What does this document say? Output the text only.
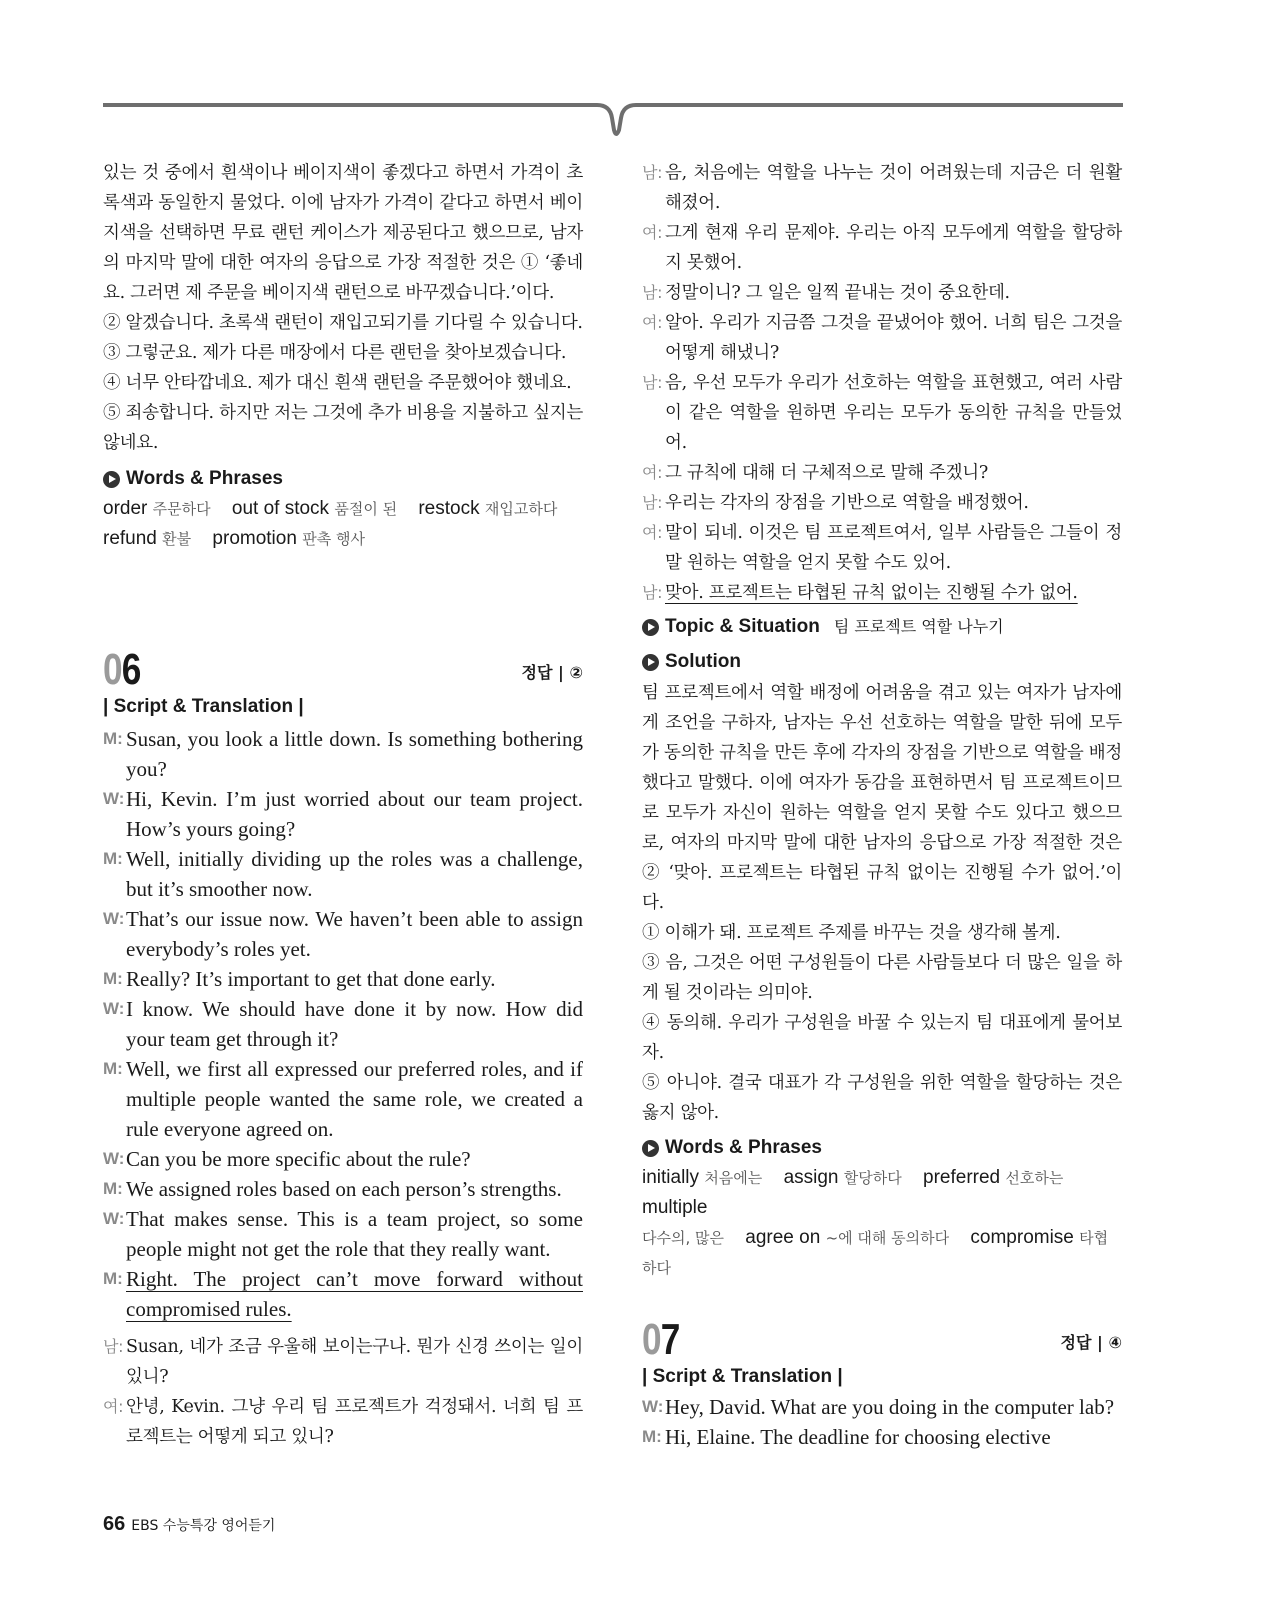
있는 것 중에서 흰색이나 베이지색이 좋겠다고 하면서 가격이 초록색과 동일한지 물었다. 이에 남자가 가격이 같다고 하면서 베이지색을 선택하면 무료 랜턴 케이스가 제공된다고 했으므로, 남자의 마지막 말에 대한 여자의 응답으로 가장 적절한 것은 ① ‘좋네요. 그러면 제 주문을 베이지색 랜턴으로 바꾸겠습니다.’이다.
② 알겠습니다. 초록색 랜턴이 재입고되기를 기다릴 수 있습니다.
③ 그렇군요. 제가 다른 매장에서 다른 랜턴을 찾아보겠습니다.
④ 너무 안타깝네요. 제가 대신 흰색 랜턴을 주문했어야 했네요.
⑤ 죄송합니다. 하지만 저는 그것에 추가 비용을 지불하고 싶지는 않네요.
Words & Phrases
order 주문하다 out of stock 품절이 된 restock 재입고하다
refund 환불 promotion 판촉 행사
06	정답 | ②
| Script & Translation |
M: Susan, you look a little down. Is something bothering you?
W: Hi, Kevin. I’m just worried about our team project. How’s yours going?
M: Well, initially dividing up the roles was a challenge, but it’s smoother now.
W: That’s our issue now. We haven’t been able to assign everybody’s roles yet.
M: Really? It’s important to get that done early.
W: I know. We should have done it by now. How did your team get through it?
M: Well, we first all expressed our preferred roles, and if multiple people wanted the same role, we created a rule everyone agreed on.
W: Can you be more specific about the rule?
M: We assigned roles based on each person’s strengths.
W: That makes sense. This is a team project, so some people might not get the role that they really want.
M: Right. The project can’t move forward without compromised rules.
남: Susan, 네가 조금 우울해 보이는구나. 뭔가 신경 쓰이는 일이 있니?
여: 안녕, Kevin. 그냥 우리 팀 프로젝트가 걱정돼서. 너희 팀 프로젝트는 어떻게 되고 있니?
남: 음, 처음에는 역할을 나누는 것이 어려웠는데 지금은 더 원활해졌어.
여: 그게 현재 우리 문제야. 우리는 아직 모두에게 역할을 할당하지 못했어.
남: 정말이니? 그 일은 일찍 끝내는 것이 중요한데.
여: 알아. 우리가 지금쯤 그것을 끝냈어야 했어. 너희 팀은 그것을 어떻게 해냈니?
남: 음, 우선 모두가 우리가 선호하는 역할을 표현했고, 여러 사람이 같은 역할을 원하면 우리는 모두가 동의한 규칙을 만들었어.
여: 그 규칙에 대해 더 구체적으로 말해 주겠니?
남: 우리는 각자의 장점을 기반으로 역할을 배정했어.
여: 말이 되네. 이것은 팀 프로젝트여서, 일부 사람들은 그들이 정말 원하는 역할을 얻지 못할 수도 있어.
남: 맞아. 프로젝트는 타협된 규칙 없이는 진행될 수가 없어.
Topic & Situation 팀 프로젝트 역할 나누기
Solution
팀 프로젝트에서 역할 배정에 어려움을 겪고 있는 여자가 남자에게 조언을 구하자, 남자는 우선 선호하는 역할을 말한 뒤에 모두가 동의한 규칙을 만든 후에 각자의 장점을 기반으로 역할을 배정했다고 말했다. 이에 여자가 동감을 표현하면서 팀 프로젝트이므로 모두가 자신이 원하는 역할을 얻지 못할 수도 있다고 했으므로, 여자의 마지막 말에 대한 남자의 응답으로 가장 적절한 것은 ② ‘맞아. 프로젝트는 타협된 규칙 없이는 진행될 수가 없어.’이다.
① 이해가 돼. 프로젝트 주제를 바꾸는 것을 생각해 볼게.
③ 음, 그것은 어떤 구성원들이 다른 사람들보다 더 많은 일을 하게 될 것이라는 의미야.
④ 동의해. 우리가 구성원을 바꿀 수 있는지 팀 대표에게 물어보자.
⑤ 아니야. 결국 대표가 각 구성원을 위한 역할을 할당하는 것은 옳지 않아.
Words & Phrases
initially 처음에는 assign 할당하다 preferred 선호하는 multiple
다수의, 많은 agree on ~에 대해 동의하다 compromise 타협하다
07	정답 | ④
| Script & Translation |
W: Hey, David. What are you doing in the computer lab?
M: Hi, Elaine. The deadline for choosing elective
66 EBS 수능특강 영어듣기
